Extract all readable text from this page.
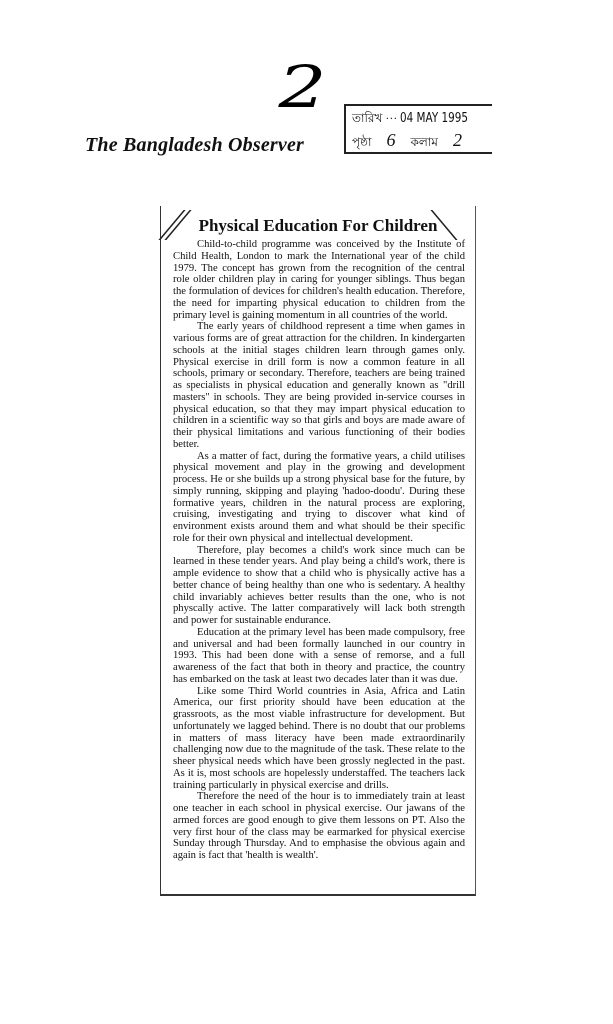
2
The Bangladesh Observer
তারিখ ··· 04 MAY 1995
পৃষ্ঠা 6 কলাম 2
Physical Education For Children

Child-to-child programme was conceived by the Institute of Child Health, London to mark the International year of the child 1979. The concept has grown from the recognition of the central role older children play in caring for younger siblings. Thus began the formulation of devices for children's health education. Therefore, the need for imparting physical education to children from the primary level is gaining momentum in all countries of the world.

The early years of childhood represent a time when games in various forms are of great attraction for the children. In kindergarten schools at the initial stages children learn through games only. Physical exercise in drill form is now a common feature in all schools, primary or secondary. Therefore, teachers are being trained as specialists in physical education and generally known as "drill masters" in schools. They are being provided in-service courses in physical education, so that they may impart physical education to children in a scientific way so that girls and boys are made aware of their physical limitations and various functioning of their bodies better.

As a matter of fact, during the formative years, a child utilises physical movement and play in the growing and development process. He or she builds up a strong physical base for the future, by simply running, skipping and playing 'hadoo-doodu'. During these formative years, children in the natural process are exploring, cruising, investigating and trying to discover what kind of environment exists around them and what should be their specific role for their own physical and intellectual development.

Therefore, play becomes a child's work since much can be learned in these tender years. And play being a child's work, there is ample evidence to show that a child who is physically active has a better chance of being healthy than one who is sedentary. A healthy child invariably achieves better results than the one, who is not physcally active. The latter comparatively will lack both strength and power for sustainable endurance.

Education at the primary level has been made compulsory, free and universal and had been formally launched in our country in 1993. This had been done with a sense of remorse, and a full awareness of the fact that both in theory and practice, the country has embarked on the task at least two decades later than it was due.

Like some Third World countries in Asia, Africa and Latin America, our first priority should have been education at the grassroots, as the most viable infrastructure for development. But unfortunately we lagged behind. There is no doubt that our problems in matters of mass literacy have been made extraordinarily challenging now due to the magnitude of the task. These relate to the sheer physical needs which have been grossly neglected in the past. As it is, most schools are hopelessly understaffed. The teachers lack training particularly in physical exercise and drills.

Therefore the need of the hour is to immediately train at least one teacher in each school in physical exercise. Our jawans of the armed forces are good enough to give them lessons on PT. Also the very first hour of the class may be earmarked for physical exercise Sunday through Thursday. And to emphasise the obvious again and again is fact that 'health is wealth'.
